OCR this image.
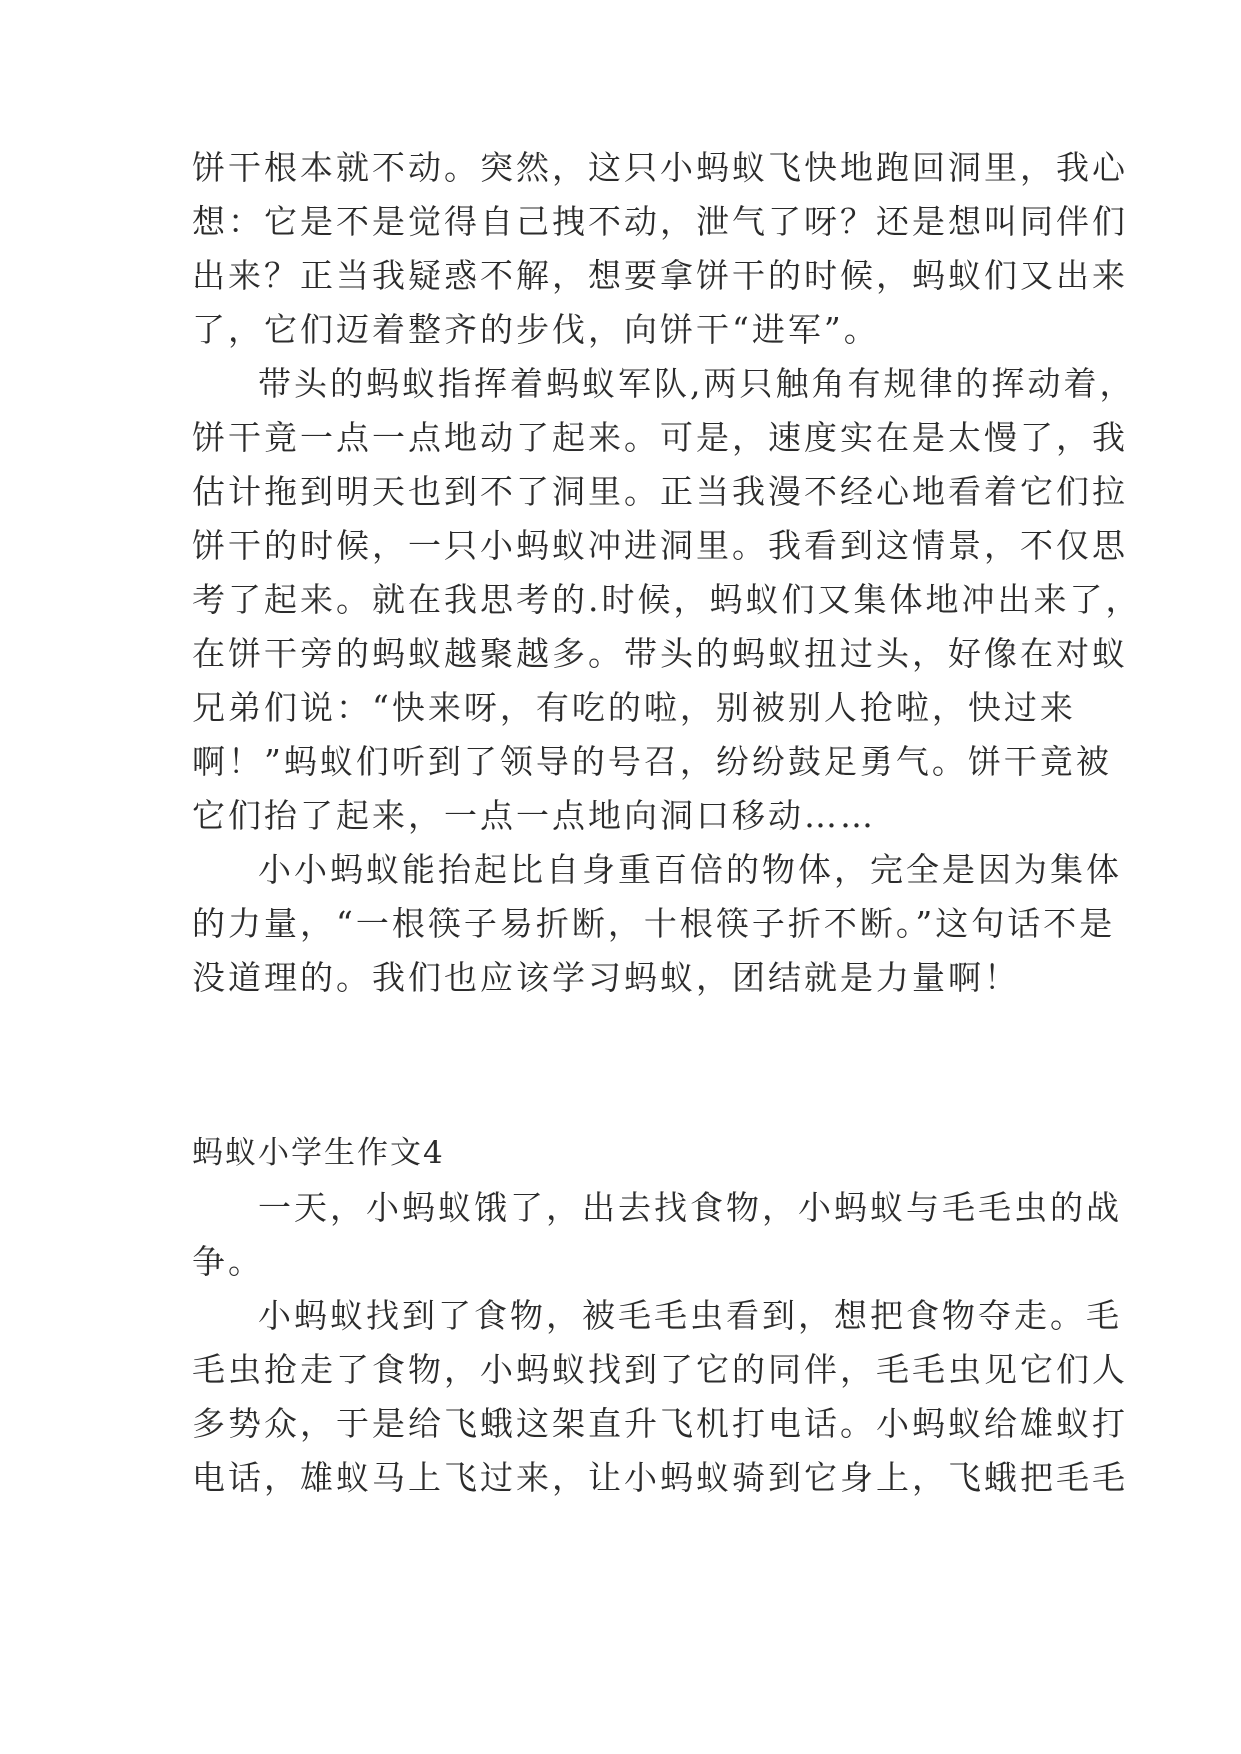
饼干根本就不动。突然，这只小蚂蚁飞快地跑回洞里，我心
想：它是不是觉得自己拽不动，泄气了呀？还是想叫同伴们
出来？正当我疑惑不解，想要拿饼干的时候，蚂蚁们又出来
了，它们迈着整齐的步伐，向饼干“进军”。
带头的蚂蚁指挥着蚂蚁军队,两只触角有规律的挥动着，
饼干竟一点一点地动了起来。可是，速度实在是太慢了，我
估计拖到明天也到不了洞里。正当我漫不经心地看着它们拉
饼干的时候，一只小蚂蚁冲进洞里。我看到这情景，不仅思
考了起来。就在我思考的.时候，蚂蚁们又集体地冲出来了，
在饼干旁的蚂蚁越聚越多。带头的蚂蚁扭过头，好像在对蚁
兄弟们说：“快来呀，有吃的啦，别被别人抢啦，快过来
啊！”蚂蚁们听到了领导的号召，纷纷鼓足勇气。饼干竟被
它们抬了起来，一点一点地向洞口移动……
小小蚂蚁能抬起比自身重百倍的物体，完全是因为集体
的力量，“一根筷子易折断，十根筷子折不断。”这句话不是
没道理的。我们也应该学习蚂蚁，团结就是力量啊！
蚂蚁小学生作文4
一天，小蚂蚁饿了，出去找食物，小蚂蚁与毛毛虫的战
争。
小蚂蚁找到了食物，被毛毛虫看到，想把食物夺走。毛
毛虫抢走了食物，小蚂蚁找到了它的同伴，毛毛虫见它们人
多势众，于是给飞蛾这架直升飞机打电话。小蚂蚁给雄蚁打
电话，雄蚁马上飞过来，让小蚂蚁骑到它身上，飞蛾把毛毛
